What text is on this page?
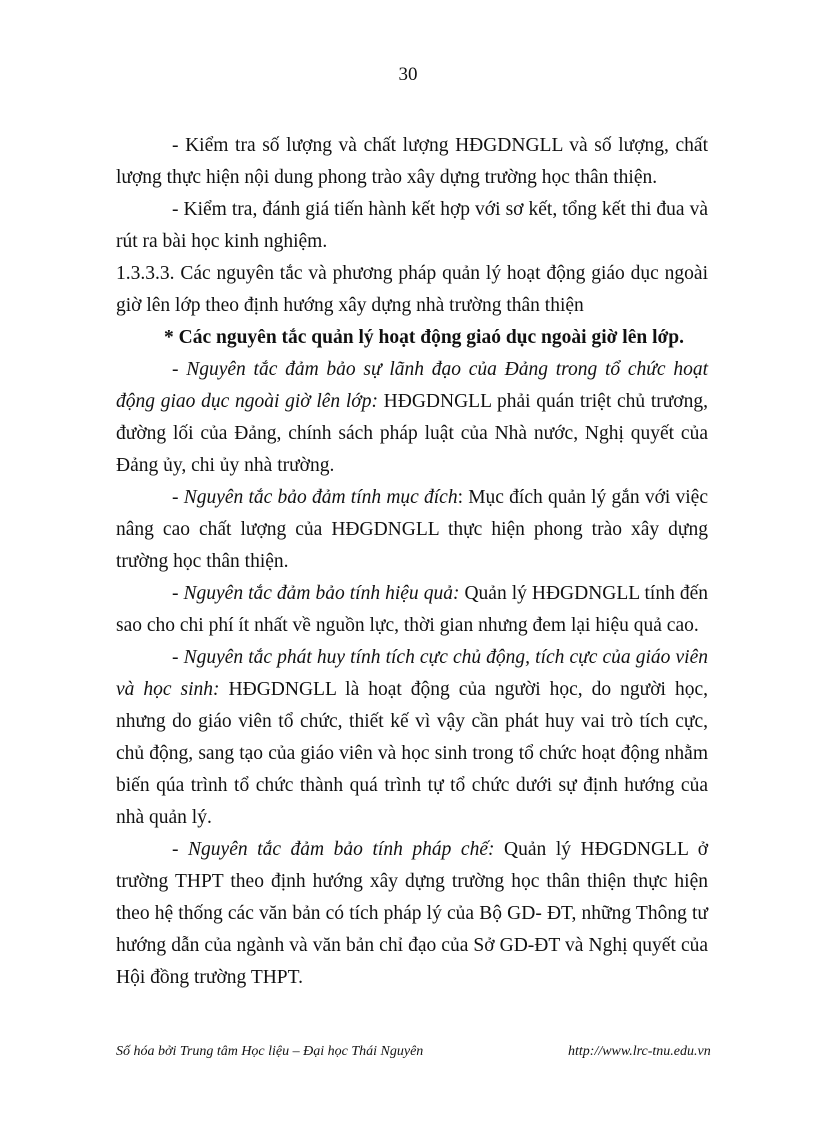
30

- Kiểm tra số lượng và chất lượng HĐGDNGLL và số lượng, chất lượng thực hiện nội dung phong trào xây dựng trường học thân thiện.

- Kiểm tra, đánh giá tiến hành kết hợp với sơ kết, tổng kết thi đua và rút ra bài học kinh nghiệm.

1.3.3.3. Các nguyên tắc và phương pháp quản lý hoạt động giáo dục ngoài giờ lên lớp theo định hướng xây dựng nhà trường thân thiện

* Các nguyên tắc quản lý hoạt động giaó dục ngoài giờ lên lớp.

- Nguyên tắc đảm bảo sự lãnh đạo của Đảng trong tổ chức hoạt động giao dục ngoài giờ lên lớp: HĐGDNGLL phải quán triệt chủ trương, đường lối của Đảng, chính sách pháp luật của Nhà nước, Nghị quyết của Đảng ủy, chi ủy nhà trường.

- Nguyên tắc bảo đảm tính mục đích: Mục đích quản lý gắn với việc nâng cao chất lượng của HĐGDNGLL thực hiện phong trào xây dựng trường học thân thiện.

- Nguyên tắc đảm bảo tính hiệu quả: Quản lý HĐGDNGLL tính đến sao cho chi phí ít nhất về nguồn lực, thời gian nhưng đem lại hiệu quả cao.

- Nguyên tắc phát huy tính tích cực chủ động, tích cực của giáo viên và học sinh: HĐGDNGLL là hoạt động của người học, do người học, nhưng do giáo viên tổ chức, thiết kế vì vậy cần phát huy vai trò tích cực, chủ động, sang tạo của giáo viên và học sinh trong tổ chức hoạt động nhằm biến qúa trình tổ chức thành quá trình tự tổ chức dưới sự định hướng của nhà quản lý.

- Nguyên tắc đảm bảo tính pháp chế: Quản lý HĐGDNGLL ở trường THPT theo định hướng xây dựng trường học thân thiện thực hiện theo hệ thống các văn bản có tích pháp lý của Bộ GD- ĐT, những Thông tư hướng dẫn của ngành và văn bản chỉ đạo của Sở GD-ĐT và Nghị quyết của Hội đồng trường THPT.

Số hóa bởi Trung tâm Học liệu – Đại học Thái Nguyên	http://www.lrc-tnu.edu.vn
